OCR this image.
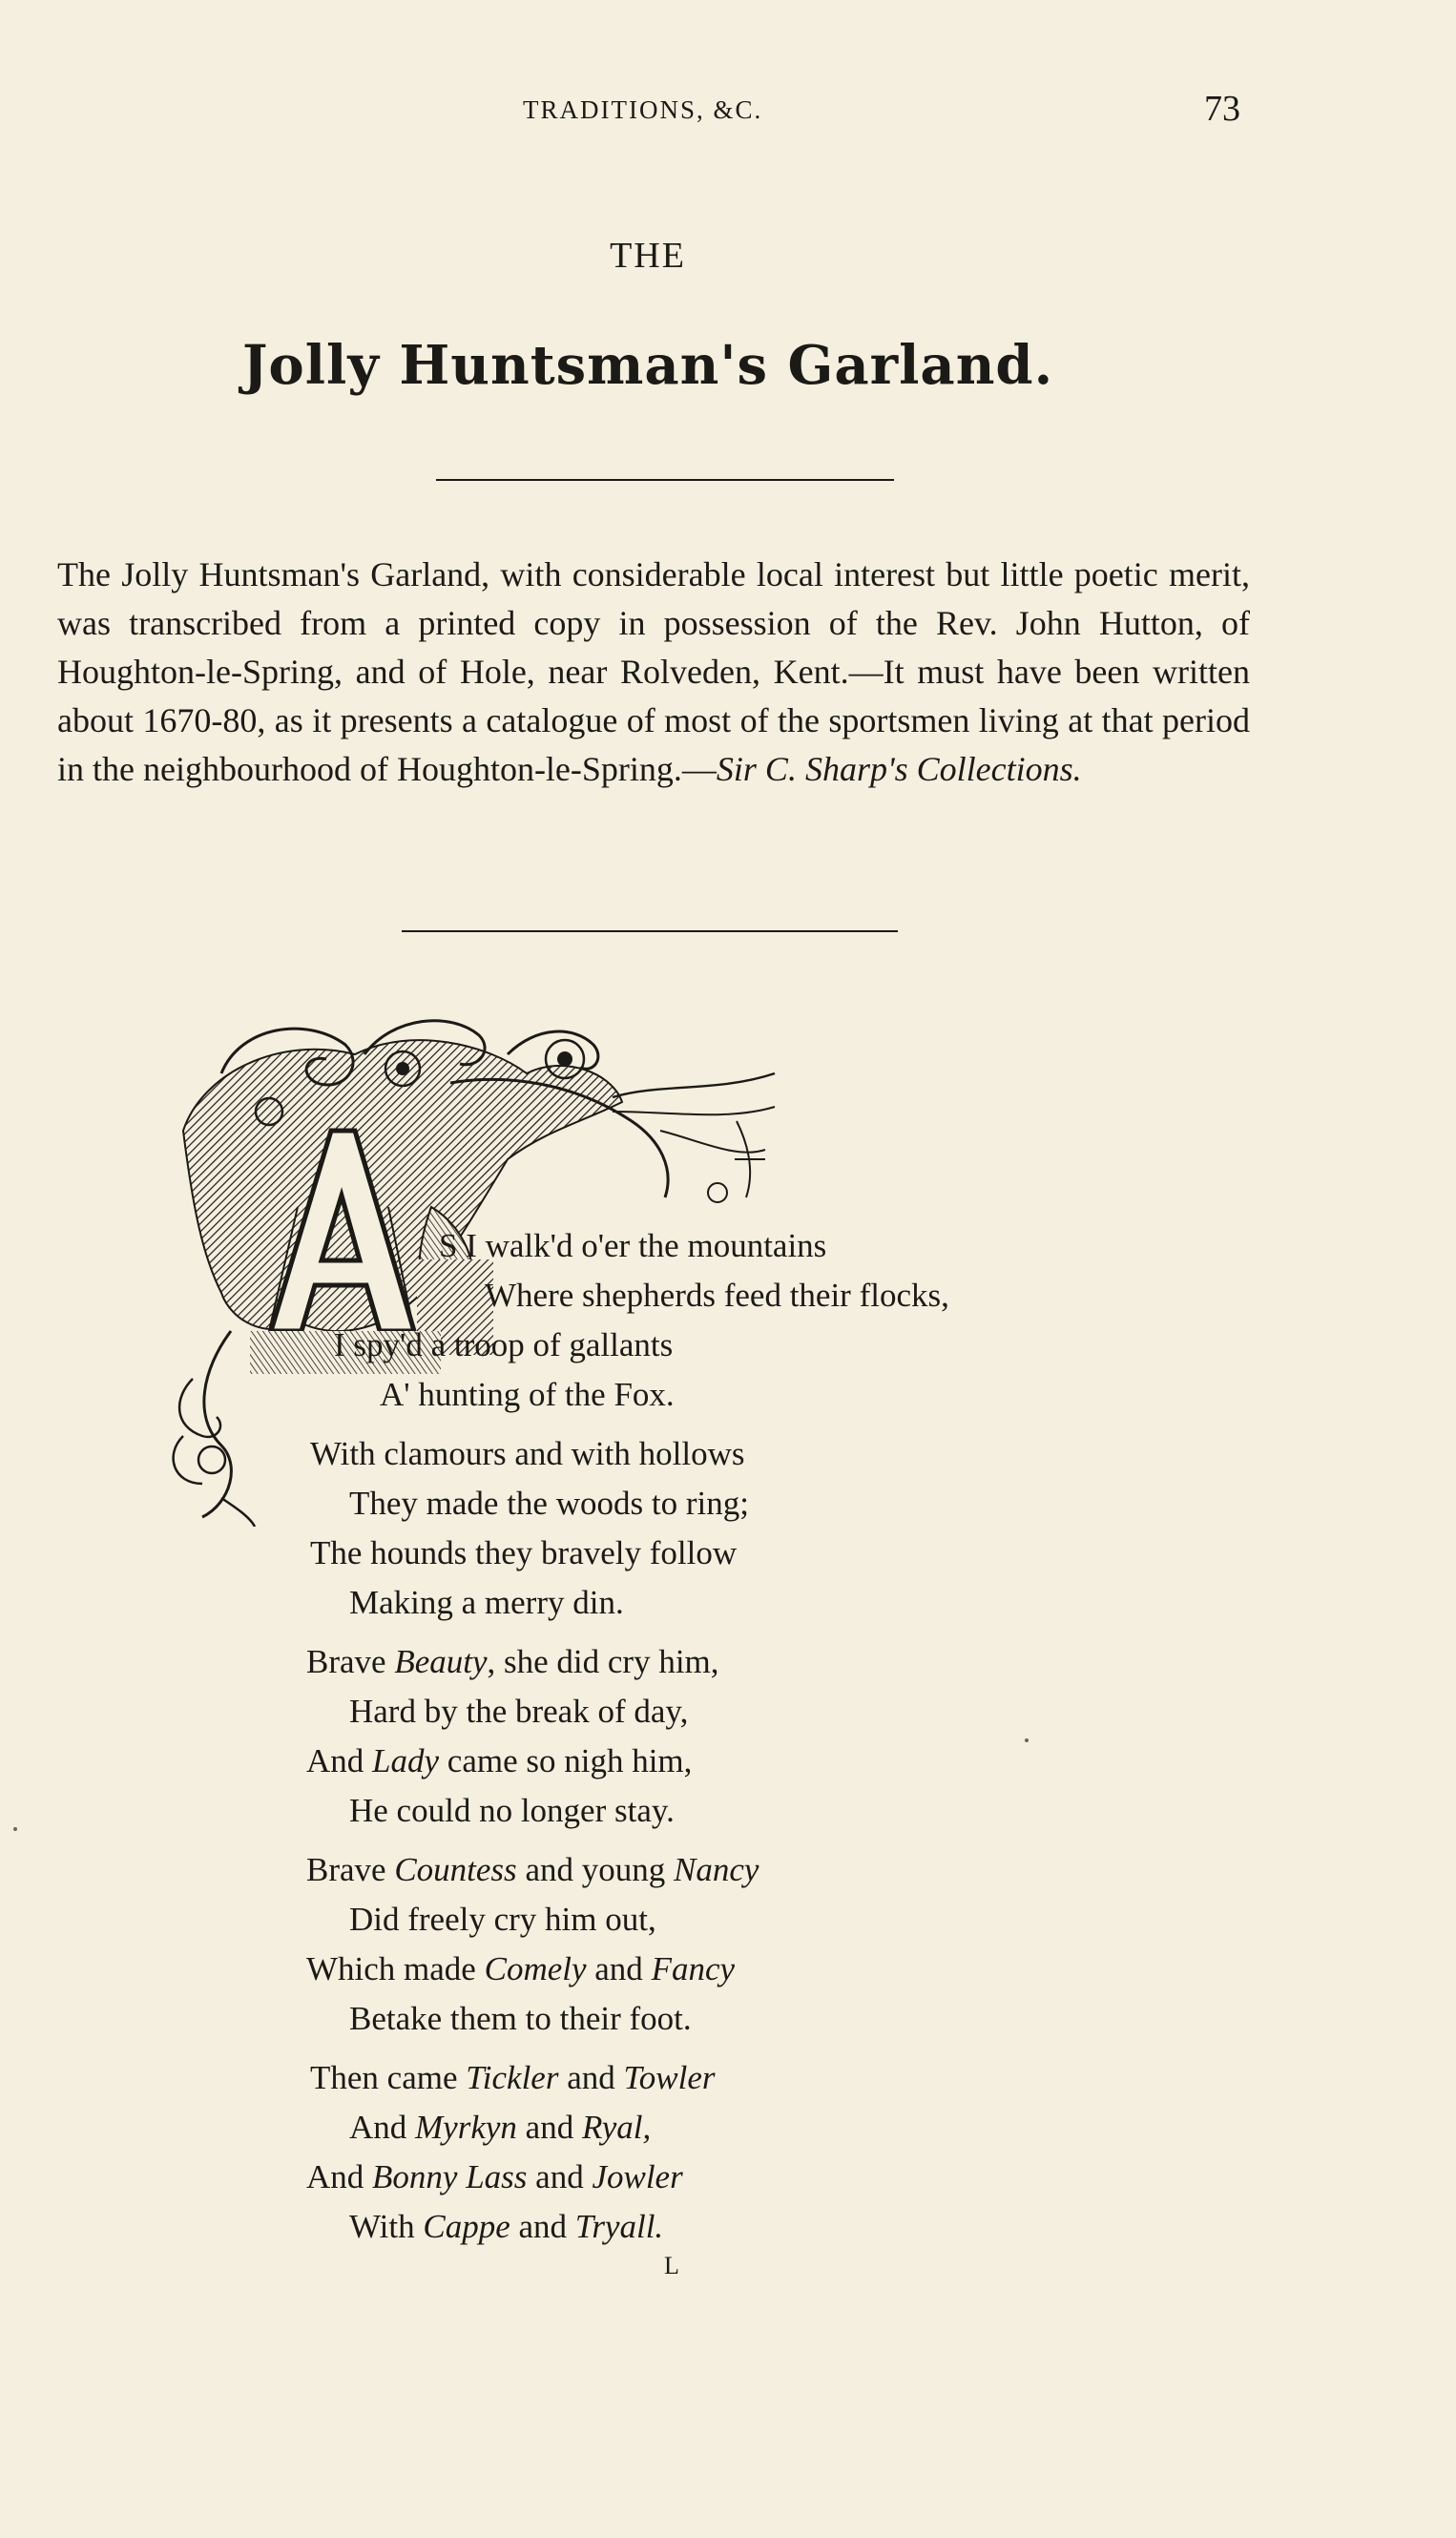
TRADITIONS, &C.	73
THE
Jolly Huntsman's Garland.
The Jolly Huntsman's Garland, with considerable local interest but little poetic merit, was transcribed from a printed copy in possession of the Rev. John Hutton, of Houghton-le-Spring, and of Hole, near Rolveden, Kent.—It must have been written about 1670-80, as it presents a catalogue of most of the sportsmen living at that period in the neighbourhood of Houghton-le-Spring.—Sir C. Sharp's Collections.
S I walk'd o'er the mountains
Where shepherds feed their flocks,
I spy'd a troop of gallants
A' hunting of the Fox.
With clamours and with hollows
They made the woods to ring;
The hounds they bravely follow
Making a merry din.
Brave Beauty, she did cry him,
Hard by the break of day,
And Lady came so nigh him,
He could no longer stay.
Brave Countess and young Nancy
Did freely cry him out,
Which made Comely and Fancy
Betake them to their foot.
Then came Tickler and Towler
And Myrkyn and Ryal,
And Bonny Lass and Jowler
With Cappe and Tryall.
L
